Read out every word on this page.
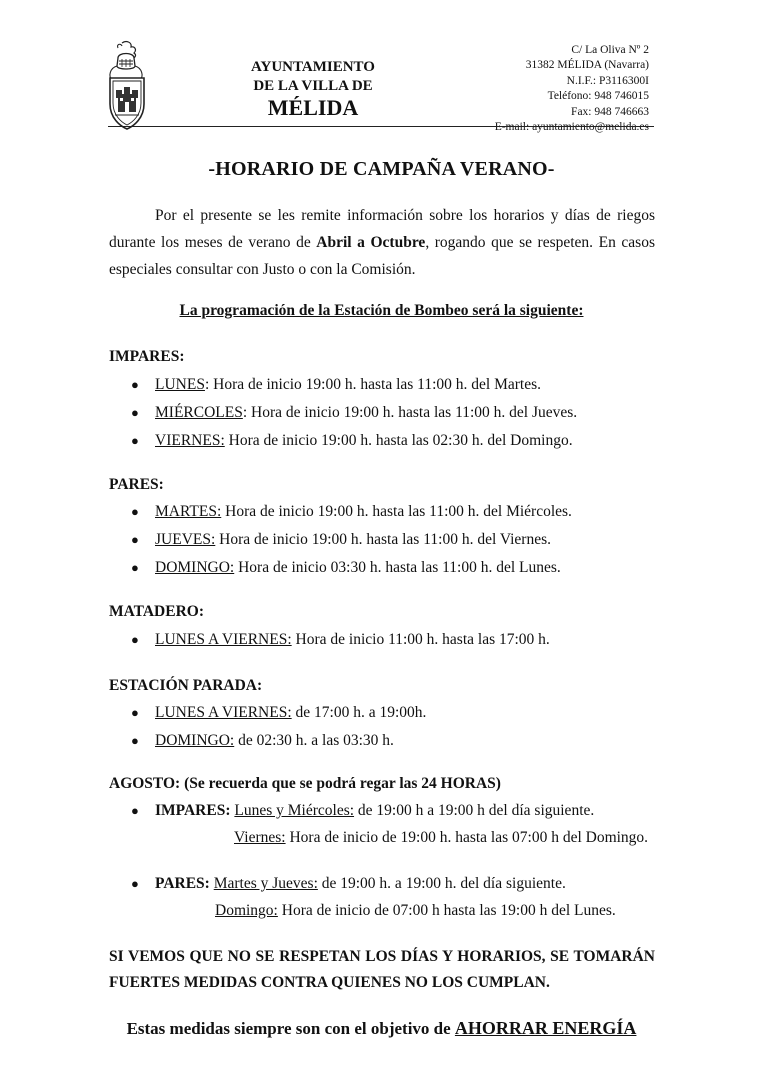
AYUNTAMIENTO
DE LA VILLA DE
MÉLIDA
C/ La Oliva Nº 2
31382 MÉLIDA (Navarra)
N.I.F.: P3116300I
Teléfono: 948 746015
Fax: 948 746663
E-mail: ayuntamiento@melida.es
-HORARIO DE CAMPAÑA VERANO-
Por el presente se les remite información sobre los horarios y días de riegos durante los meses de verano de Abril a Octubre, rogando que se respeten. En casos especiales consultar con Justo o con la Comisión.
La programación de la Estación de Bombeo será la siguiente:
IMPARES:
● LUNES: Hora de inicio 19:00 h. hasta las 11:00 h. del Martes.
● MIÉRCOLES: Hora de inicio 19:00 h. hasta las 11:00 h. del Jueves.
● VIERNES: Hora de inicio 19:00 h. hasta las 02:30 h. del Domingo.
PARES:
● MARTES: Hora de inicio 19:00 h. hasta las 11:00 h. del Miércoles.
● JUEVES: Hora de inicio 19:00 h. hasta las 11:00 h. del Viernes.
● DOMINGO: Hora de inicio 03:30 h. hasta las 11:00 h. del Lunes.
MATADERO:
● LUNES A VIERNES: Hora de inicio 11:00 h. hasta las 17:00 h.
ESTACIÓN PARADA:
● LUNES A VIERNES: de 17:00 h. a 19:00h.
● DOMINGO: de 02:30 h. a las 03:30 h.
AGOSTO: (Se recuerda que se podrá regar las 24 HORAS)
● IMPARES: Lunes y Miércoles: de 19:00 h a 19:00 h del día siguiente.
Viernes: Hora de inicio de 19:00 h. hasta las 07:00 h del Domingo.
● PARES: Martes y Jueves: de 19:00 h. a 19:00 h. del día siguiente.
Domingo: Hora de inicio de 07:00 h hasta las 19:00 h del Lunes.
SI VEMOS QUE NO SE RESPETAN LOS DÍAS Y HORARIOS, SE TOMARÁN FUERTES MEDIDAS CONTRA QUIENES NO LOS CUMPLAN.
Estas medidas siempre son con el objetivo de AHORRAR ENERGÍA
